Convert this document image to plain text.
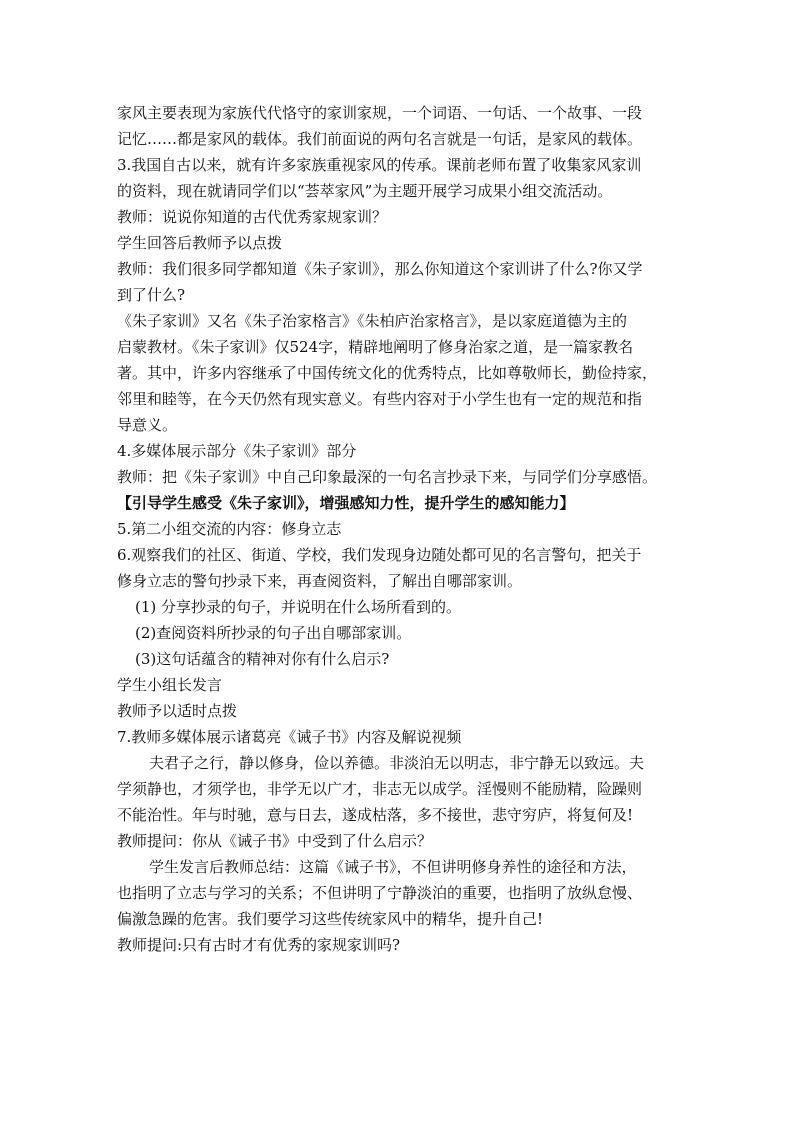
家风主要表现为家族代代恪守的家训家规，一个词语、一句话、一个故事、一段
记忆……都是家风的载体。我们前面说的两句名言就是一句话，是家风的载体。
3.我国自古以来，就有许多家族重视家风的传承。课前老师布置了收集家风家训
的资料，现在就请同学们以“荟萃家风”为主题开展学习成果小组交流活动。
教师：说说你知道的古代优秀家规家训？
学生回答后教师予以点拨
教师：我们很多同学都知道《朱子家训》，那么你知道这个家训讲了什么?你又学
到了什么?
《朱子家训》又名《朱子治家格言》《朱柏庐治家格言》，是以家庭道德为主的
启蒙教材。《朱子家训》仅524字，精辟地阐明了修身治家之道，是一篇家教名
著。其中，许多内容继承了中国传统文化的优秀特点，比如尊敬师长，勤俭持家，
邻里和睦等，在今天仍然有现实意义。有些内容对于小学生也有一定的规范和指
导意义。
4.多媒体展示部分《朱子家训》部分
教师：把《朱子家训》中自己印象最深的一句名言抄录下来，与同学们分享感悟。
【引导学生感受《朱子家训》，增强感知力性，提升学生的感知能力】
5.第二小组交流的内容：修身立志
6.观察我们的社区、街道、学校，我们发现身边随处都可见的名言警句，把关于
修身立志的警句抄录下来，再查阅资料，了解出自哪部家训。
(1) 分享抄录的句子，并说明在什么场所看到的。
(2)查阅资料所抄录的句子出自哪部家训。
(3)这句话蕴含的精神对你有什么启示?
学生小组长发言
教师予以适时点拨
7.教师多媒体展示诸葛亮《诫子书》内容及解说视频
夫君子之行，静以修身，俭以养德。非淡泊无以明志，非宁静无以致远。夫
学须静也，才须学也，非学无以广才，非志无以成学。淫慢则不能励精，险躁则
不能治性。年与时驰，意与日去，遂成枯落，多不接世，悲守穷庐，将复何及!
教师提问：你从《诫子书》中受到了什么启示？
学生发言后教师总结：这篇《诫子书》，不但讲明修身养性的途径和方法，
也指明了立志与学习的关系；不但讲明了宁静淡泊的重要，也指明了放纵怠慢、
偏激急躁的危害。我们要学习这些传统家风中的精华，提升自己!
教师提问:只有古时才有优秀的家规家训吗?
